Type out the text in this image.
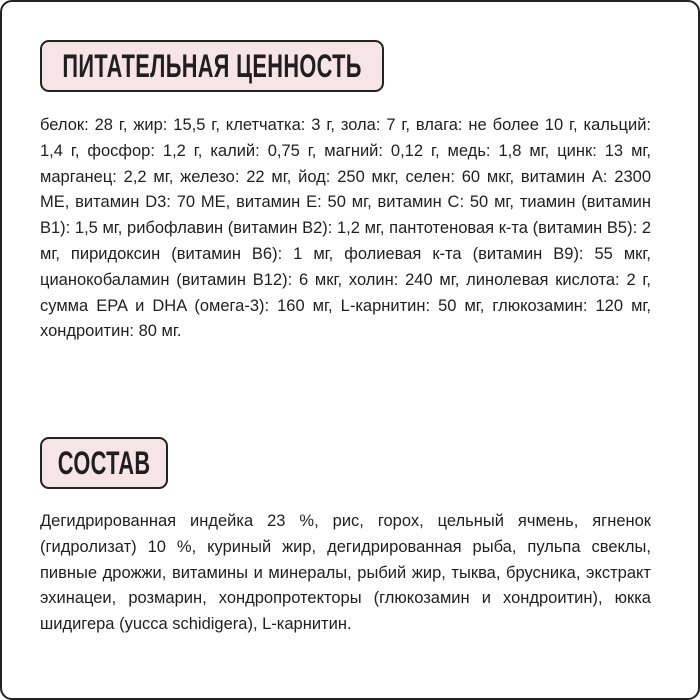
ПИТАТЕЛЬНАЯ ЦЕННОСТЬ

белок: 28 г, жир: 15,5 г, клетчатка: 3 г, зола: 7 г, влага: не более 10 г, кальций: 1,4 г, фосфор: 1,2 г, калий: 0,75 г, магний: 0,12 г, медь: 1,8 мг, цинк: 13 мг, марганец: 2,2 мг, железо: 22 мг, йод: 250 мкг, селен: 60 мкг, витамин A: 2300 МЕ, витамин D3: 70 МЕ, витамин E: 50 мг, витамин C: 50 мг, тиамин (витамин B1): 1,5 мг, рибофлавин (витамин B2): 1,2 мг, пантотеновая к-та (витамин B5): 2 мг, пиридоксин (витамин B6): 1 мг, фолиевая к-та (витамин B9): 55 мкг, цианокобаламин (витамин B12): 6 мкг, холин: 240 мг, линолевая кислота: 2 г, сумма EPA и DHA (омега-3): 160 мг, L-карнитин: 50 мг, глюкозамин: 120 мг, хондроитин: 80 мг.

СОСТАВ

Дегидрированная индейка 23 %, рис, горох, цельный ячмень, ягненок (гидролизат) 10 %, куриный жир, дегидрированная рыба, пульпа свеклы, пивные дрожжи, витамины и минералы, рыбий жир, тыква, брусника, экстракт эхинацеи, розмарин, хондропротекторы (глюкозамин и хондроитин), юкка шидигера (yucca schidigera), L-карнитин.
